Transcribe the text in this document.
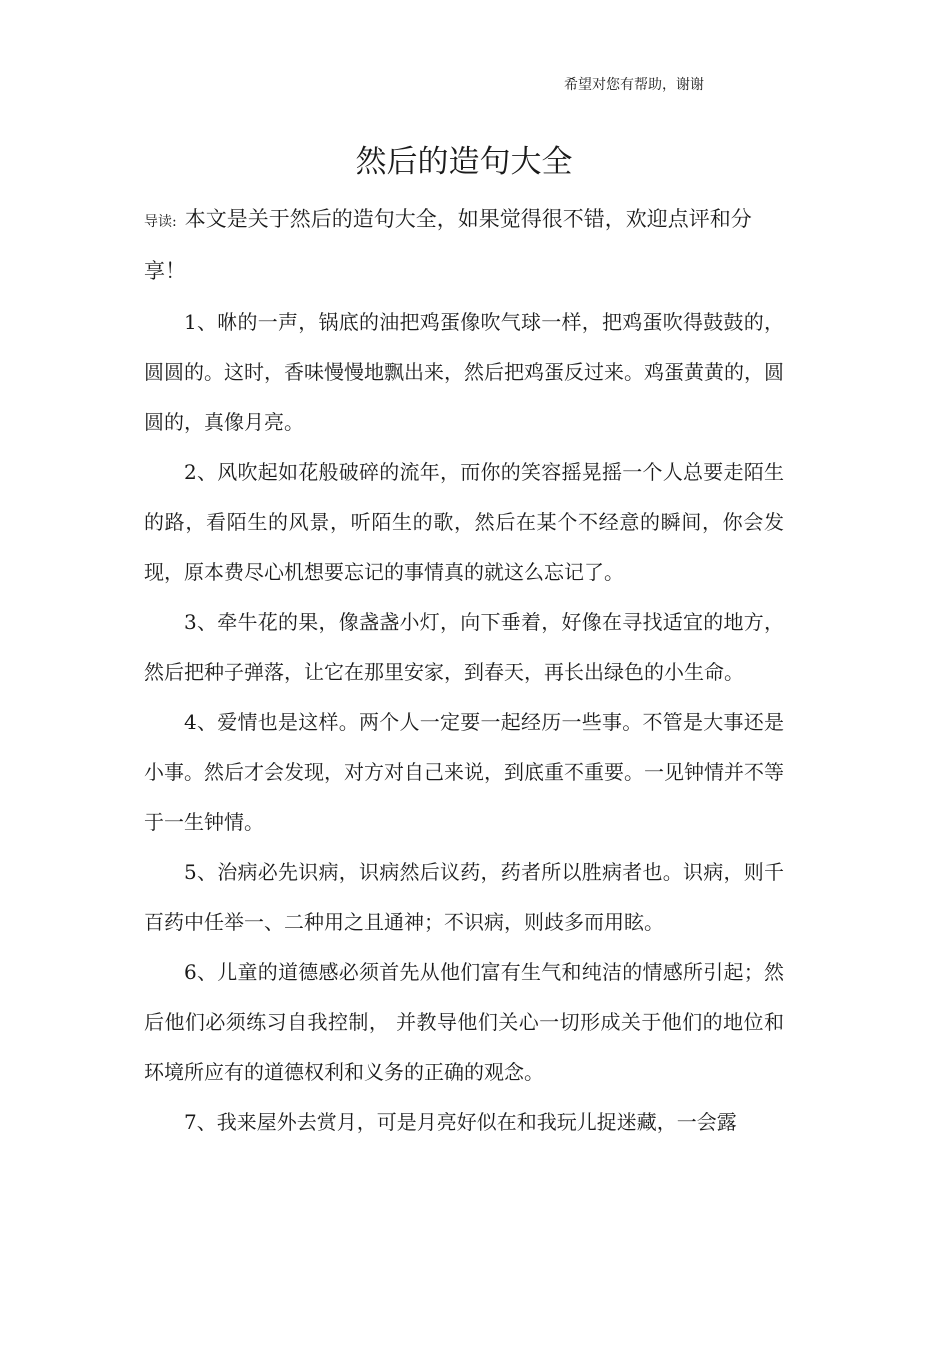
希望对您有帮助，谢谢
然后的造句大全

导读: 本文是关于然后的造句大全，如果觉得很不错，欢迎点评和分享！

1、咻的一声，锅底的油把鸡蛋像吹气球一样，把鸡蛋吹得鼓鼓的，圆圆的。这时，香味慢慢地飘出来，然后把鸡蛋反过来。鸡蛋黄黄的，圆圆的，真像月亮。

2、风吹起如花般破碎的流年，而你的笑容摇晃摇一个人总要走陌生的路，看陌生的风景，听陌生的歌，然后在某个不经意的瞬间，你会发现，原本费尽心机想要忘记的事情真的就这么忘记了。

3、牵牛花的果，像盏盏小灯，向下垂着，好像在寻找适宜的地方，然后把种子弹落，让它在那里安家，到春天，再长出绿色的小生命。

4、爱情也是这样。两个人一定要一起经历一些事。不管是大事还是小事。然后才会发现，对方对自己来说，到底重不重要。一见钟情并不等于一生钟情。

5、治病必先识病，识病然后议药，药者所以胜病者也。识病，则千百药中任举一、二种用之且通神；不识病，则歧多而用眩。

6、儿童的道德感必须首先从他们富有生气和纯洁的情感所引起；然后他们必须练习自我控制， 并教导他们关心一切形成关于他们的地位和环境所应有的道德权利和义务的正确的观念。

7、我来屋外去赏月，可是月亮好似在和我玩儿捉迷藏，一会露
